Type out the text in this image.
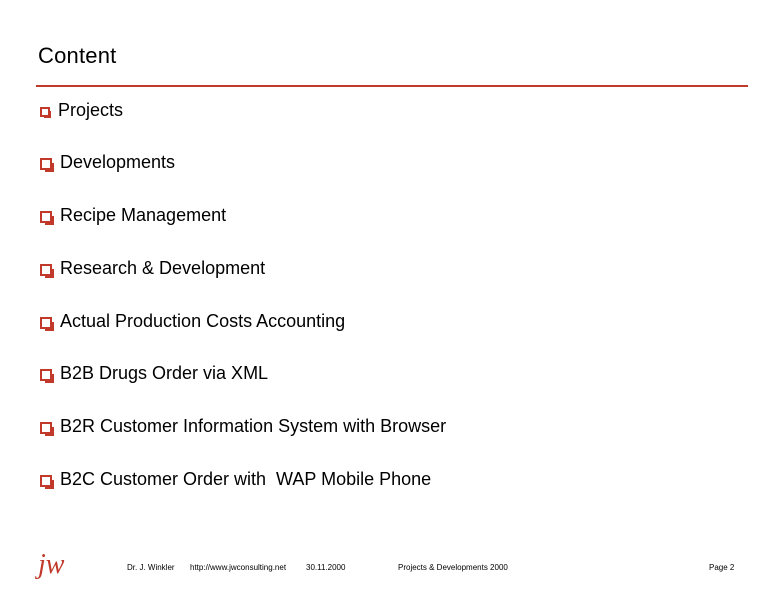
Content
Projects
Developments
Recipe Management
Research & Development
Actual Production Costs Accounting
B2B Drugs Order via XML
B2R Customer Information System with Browser
B2C Customer Order with  WAP Mobile Phone
jw	Dr. J. Winkler http://www.jwconsulting.net 30.11.2000	Projects & Developments 2000	Page 2
